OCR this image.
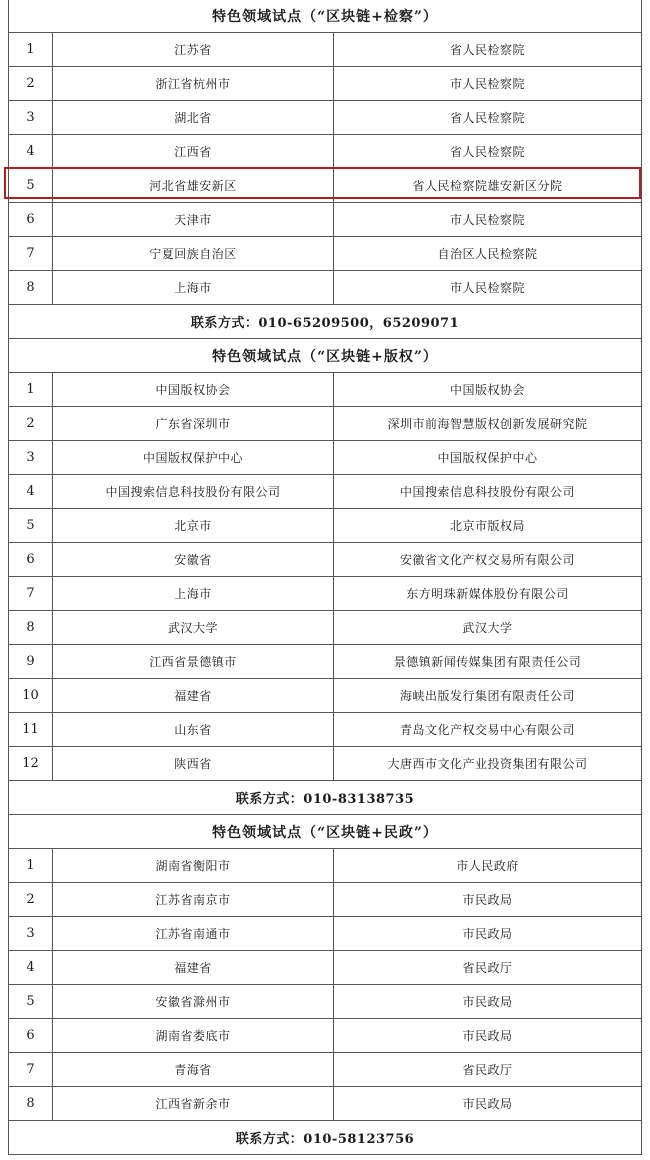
特色领域试点（“区块链+检察”）		
1	江苏省	省人民检察院
2	浙江省杭州市	市人民检察院
3	湖北省	省人民检察院
4	江西省	省人民检察院
5	河北省雄安新区	省人民检察院雄安新区分院
6	天津市	市人民检察院
7	宁夏回族自治区	自治区人民检察院
8	上海市	市人民检察院
联系方式：010-65209500，65209071		
特色领域试点（“区块链+版权”）		
1	中国版权协会	中国版权协会
2	广东省深圳市	深圳市前海智慧版权创新发展研究院
3	中国版权保护中心	中国版权保护中心
4	中国搜索信息科技股份有限公司	中国搜索信息科技股份有限公司
5	北京市	北京市版权局
6	安徽省	安徽省文化产权交易所有限公司
7	上海市	东方明珠新媒体股份有限公司
8	武汉大学	武汉大学
9	江西省景德镇市	景德镇新闻传媒集团有限责任公司
10	福建省	海峡出版发行集团有限责任公司
11	山东省	青岛文化产权交易中心有限公司
12	陕西省	大唐西市文化产业投资集团有限公司
联系方式：010-83138735		
特色领域试点（“区块链+民政”）		
1	湖南省衡阳市	市人民政府
2	江苏省南京市	市民政局
3	江苏省南通市	市民政局
4	福建省	省民政厅
5	安徽省滁州市	市民政局
6	湖南省娄底市	市民政局
7	青海省	省民政厅
8	江西省新余市	市民政局
联系方式：010-58123756		
